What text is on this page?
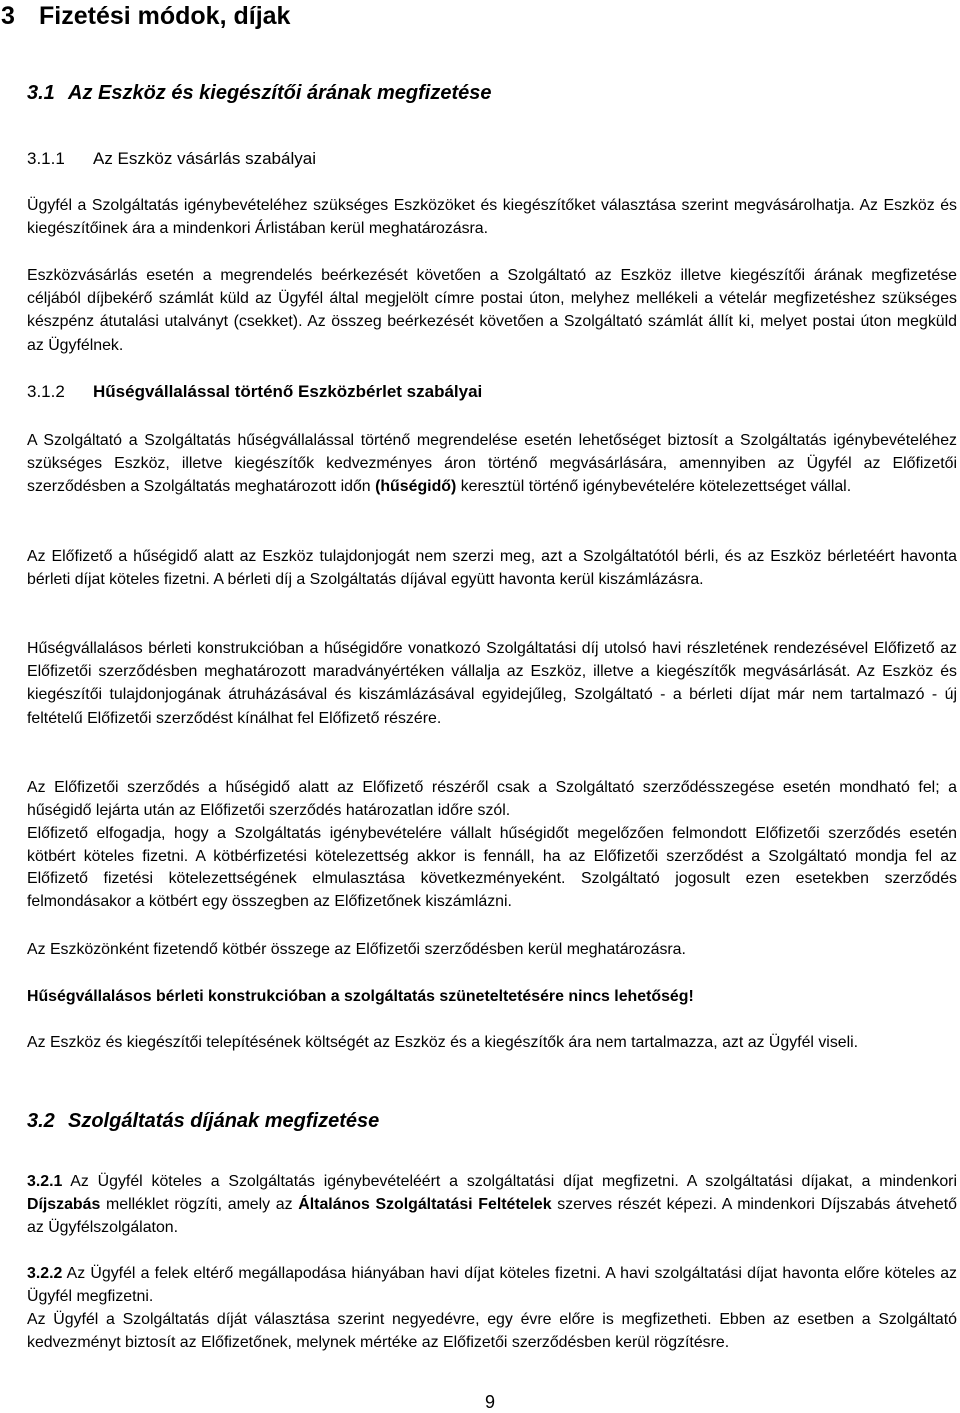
3 Fizetési módok, díjak
3.1 Az Eszköz és kiegészítői árának megfizetése
3.1.1 Az Eszköz vásárlás szabályai

Ügyfél a Szolgáltatás igénybevételéhez szükséges Eszközöket és kiegészítőket választása szerint megvásárolhatja. Az Eszköz és kiegészítőinek ára a mindenkori Árlistában kerül meghatározásra.

Eszközvásárlás esetén a megrendelés beérkezését követően a Szolgáltató az Eszköz illetve kiegészítői árának megfizetése céljából díjbekérő számlát küld az Ügyfél által megjelölt címre postai úton, melyhez mellékeli a vételár megfizetéshez szükséges készpénz átutalási utalványt (csekket). Az összeg beérkezését követően a Szolgáltató számlát állít ki, melyet postai úton megküld az Ügyfélnek.

3.1.2 Hűségvállalással történő Eszközbérlet szabályai

A Szolgáltató a Szolgáltatás hűségvállalással történő megrendelése esetén lehetőséget biztosít a Szolgáltatás igénybevételéhez szükséges Eszköz, illetve kiegészítők kedvezményes áron történő megvásárlására, amennyiben az Ügyfél az Előfizetői szerződésben a Szolgáltatás meghatározott időn (hűségidő) keresztül történő igénybevételére kötelezettséget vállal.

Az Előfizető a hűségidő alatt az Eszköz tulajdonjogát nem szerzi meg, azt a Szolgáltatótól bérli, és az Eszköz bérletéért havonta bérleti díjat köteles fizetni. A bérleti díj a Szolgáltatás díjával együtt havonta kerül kiszámlázásra.

Hűségvállalásos bérleti konstrukcióban a hűségidőre vonatkozó Szolgáltatási díj utolsó havi részletének rendezésével Előfizető az Előfizetői szerződésben meghatározott maradványértéken vállalja az Eszköz, illetve a kiegészítők megvásárlását. Az Eszköz és kiegészítői tulajdonjogának átruházásával és kiszámlázásával egyidejűleg, Szolgáltató - a bérleti díjat már nem tartalmazó - új feltételű Előfizetői szerződést kínálhat fel Előfizető részére.

Az Előfizetői szerződés a hűségidő alatt az Előfizető részéről csak a Szolgáltató szerződésszegése esetén mondható fel; a hűségidő lejárta után az Előfizetői szerződés határozatlan időre szól.

Előfizető elfogadja, hogy a Szolgáltatás igénybevételére vállalt hűségidőt megelőzően felmondott Előfizetői szerződés esetén kötbért köteles fizetni. A kötbérfizetési kötelezettség akkor is fennáll, ha az Előfizetői szerződést a Szolgáltató mondja fel az Előfizető fizetési kötelezettségének elmulasztása következményeként. Szolgáltató jogosult ezen esetekben szerződés felmondásakor a kötbért egy összegben az Előfizetőnek kiszámlázni.

Az Eszközönként fizetendő kötbér összege az Előfizetői szerződésben kerül meghatározásra.

Hűségvállalásos bérleti konstrukcióban a szolgáltatás szüneteltetésére nincs lehetőség!

Az Eszköz és kiegészítői telepítésének költségét az Eszköz és a kiegészítők ára nem tartalmazza, azt az Ügyfél viseli.

3.2 Szolgáltatás díjának megfizetése

3.2.1 Az Ügyfél köteles a Szolgáltatás igénybevételéért a szolgáltatási díjat megfizetni. A szolgáltatási díjakat, a mindenkori Díjszabás melléklet rögzíti, amely az Általános Szolgáltatási Feltételek szerves részét képezi. A mindenkori Díjszabás átvehető az Ügyfélszolgálaton.

3.2.2 Az Ügyfél a felek eltérő megállapodása hiányában havi díjat köteles fizetni. A havi szolgáltatási díjat havonta előre köteles az Ügyfél megfizetni.

Az Ügyfél a Szolgáltatás díját választása szerint negyedévre, egy évre előre is megfizetheti. Ebben az esetben a Szolgáltató kedvezményt biztosít az Előfizetőnek, melynek mértéke az Előfizetői szerződésben kerül rögzítésre.

9
